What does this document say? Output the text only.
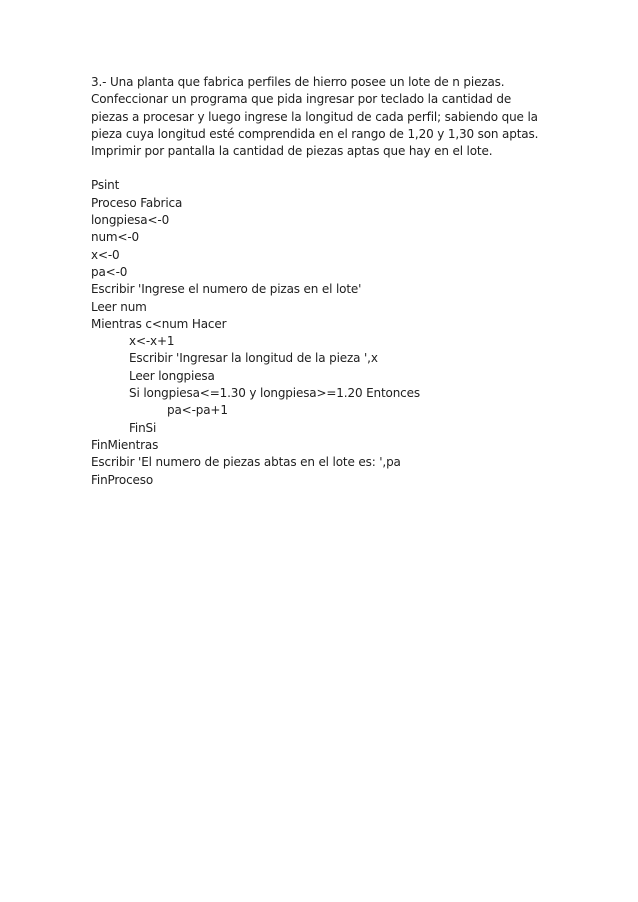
3.- Una planta que fabrica perfiles de hierro posee un lote de n piezas. Confeccionar un programa que pida ingresar por teclado la cantidad de piezas a procesar y luego ingrese la longitud de cada perfil; sabiendo que la pieza cuya longitud esté comprendida en el rango de 1,20 y 1,30 son aptas. Imprimir por pantalla la cantidad de piezas aptas que hay en el lote.

Psint

Proceso Fabrica

longpiesa<-0

num<-0

x<-0

pa<-0

Escribir 'Ingrese el numero de pizas en el lote'

Leer num

Mientras c<num Hacer

x<-x+1

Escribir 'Ingresar la longitud de la pieza ',x

Leer longpiesa

Si longpiesa<=1.30 y longpiesa>=1.20 Entonces

pa<-pa+1

FinSi

FinMientras

Escribir 'El numero de piezas abtas en el lote es: ',pa

FinProceso
